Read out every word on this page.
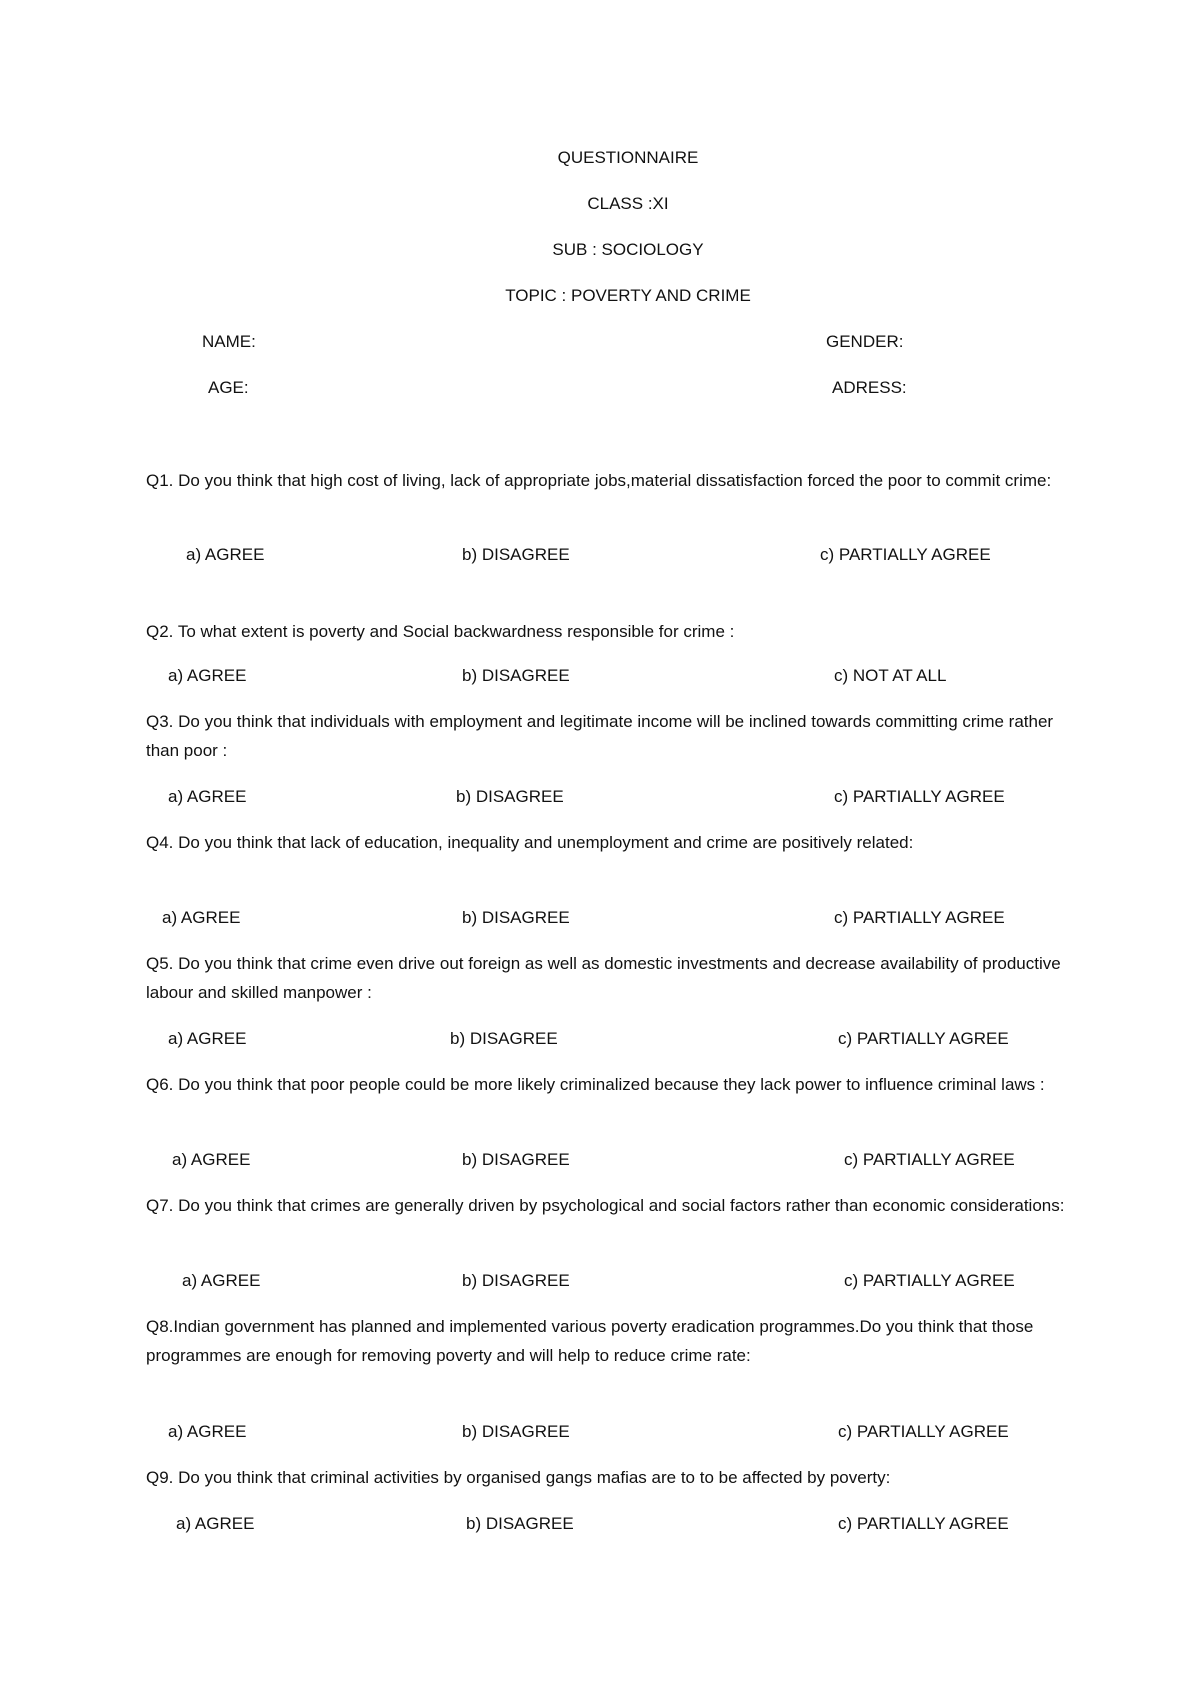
QUESTIONNAIRE
CLASS :XI
SUB : SOCIOLOGY
TOPIC : POVERTY AND CRIME
NAME:	GENDER:
AGE:	ADRESS:
Q1. Do you think that high cost of living, lack of appropriate jobs,material dissatisfaction forced the poor to commit crime:
a) AGREE	b) DISAGREE	c) PARTIALLY AGREE
Q2. To what extent is poverty and Social backwardness responsible for crime :
a) AGREE	b) DISAGREE	c) NOT AT ALL
Q3. Do you think that individuals with employment and legitimate income will be inclined towards committing crime rather than poor :
a) AGREE	b) DISAGREE	c) PARTIALLY AGREE
Q4. Do you think that lack of education, inequality and unemployment and crime are positively related:
a) AGREE	b) DISAGREE	c) PARTIALLY AGREE
Q5. Do you think that crime even drive out foreign as well as domestic investments and decrease availability of productive labour and skilled manpower :
a) AGREE	b) DISAGREE	c) PARTIALLY AGREE
Q6. Do you think that poor people could be more likely criminalized because they lack power to influence criminal laws :
a) AGREE	b) DISAGREE	c) PARTIALLY AGREE
Q7. Do you think that crimes are generally driven by psychological and social factors rather than economic considerations:
a) AGREE	b) DISAGREE	c) PARTIALLY AGREE
Q8.Indian government has planned and implemented various poverty eradication programmes.Do you think that those programmes are enough for removing poverty and will help to reduce crime rate:
a) AGREE	b) DISAGREE	c) PARTIALLY AGREE
Q9. Do you think that criminal activities by organised gangs mafias are to to be affected by poverty:
a) AGREE	b) DISAGREE	c) PARTIALLY AGREE
